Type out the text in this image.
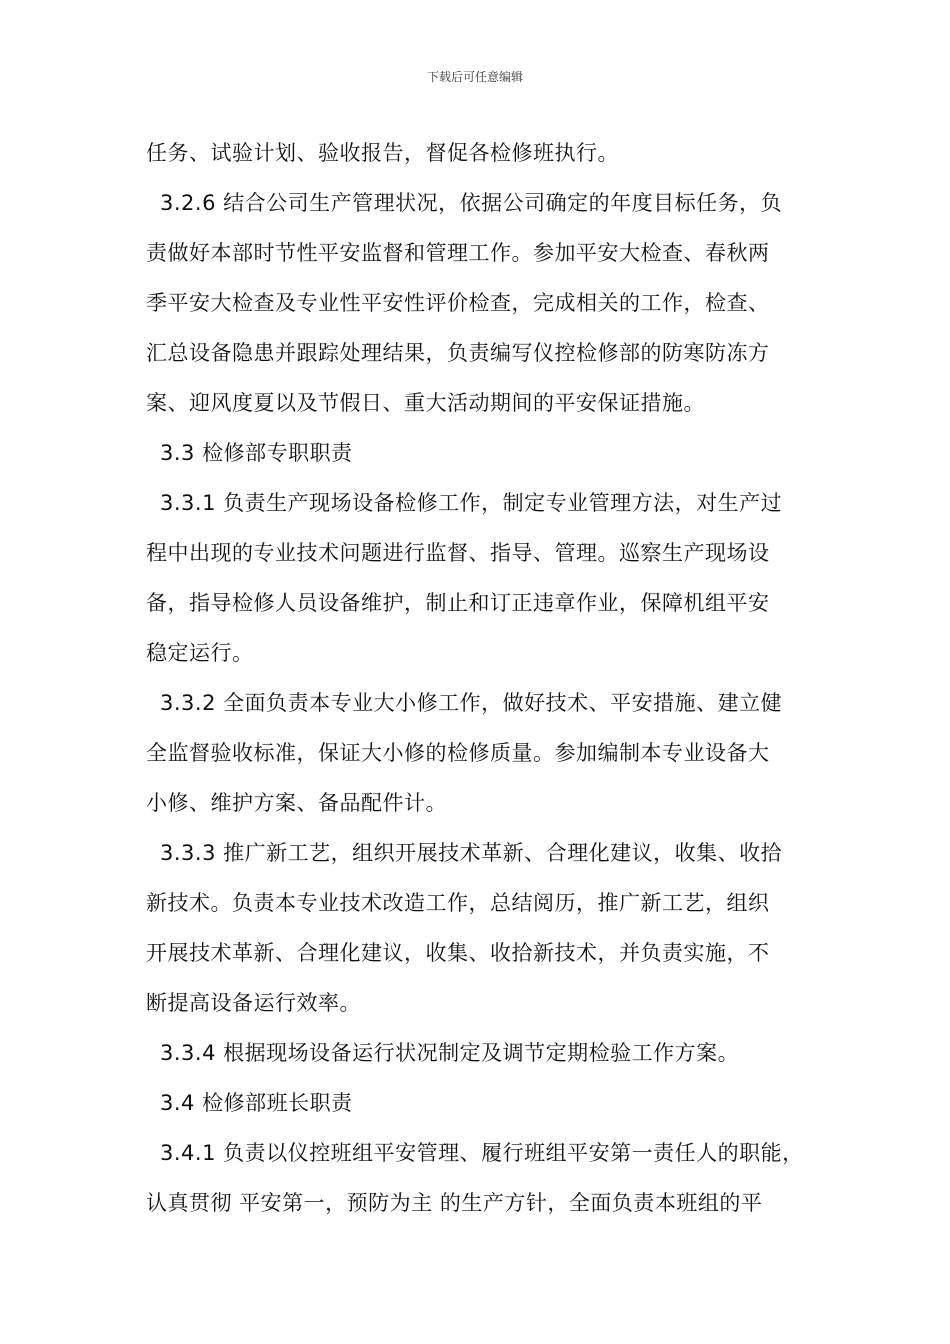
下载后可任意编辑
任务、试验计划、验收报告，督促各检修班执行。
3.2.6 结合公司生产管理状况，依据公司确定的年度目标任务，负
责做好本部时节性平安监督和管理工作。参加平安大检查、春秋两
季平安大检查及专业性平安性评价检查，完成相关的工作，检查、
汇总设备隐患并跟踪处理结果，负责编写仪控检修部的防寒防冻方
案、迎风度夏以及节假日、重大活动期间的平安保证措施。
3.3 检修部专职职责
3.3.1 负责生产现场设备检修工作，制定专业管理方法，对生产过
程中出现的专业技术问题进行监督、指导、管理。巡察生产现场设
备，指导检修人员设备维护，制止和订正违章作业，保障机组平安
稳定运行。
3.3.2 全面负责本专业大小修工作，做好技术、平安措施、建立健
全监督验收标准，保证大小修的检修质量。参加编制本专业设备大
小修、维护方案、备品配件计。
3.3.3 推广新工艺，组织开展技术革新、合理化建议，收集、收拾
新技术。负责本专业技术改造工作，总结阅历，推广新工艺，组织
开展技术革新、合理化建议，收集、收拾新技术，并负责实施，不
断提高设备运行效率。
3.3.4 根据现场设备运行状况制定及调节定期检验工作方案。
3.4 检修部班长职责
3.4.1 负责以仪控班组平安管理、履行班组平安第一责任人的职能，
认真贯彻 平安第一，预防为主 的生产方针，全面负责本班组的平
